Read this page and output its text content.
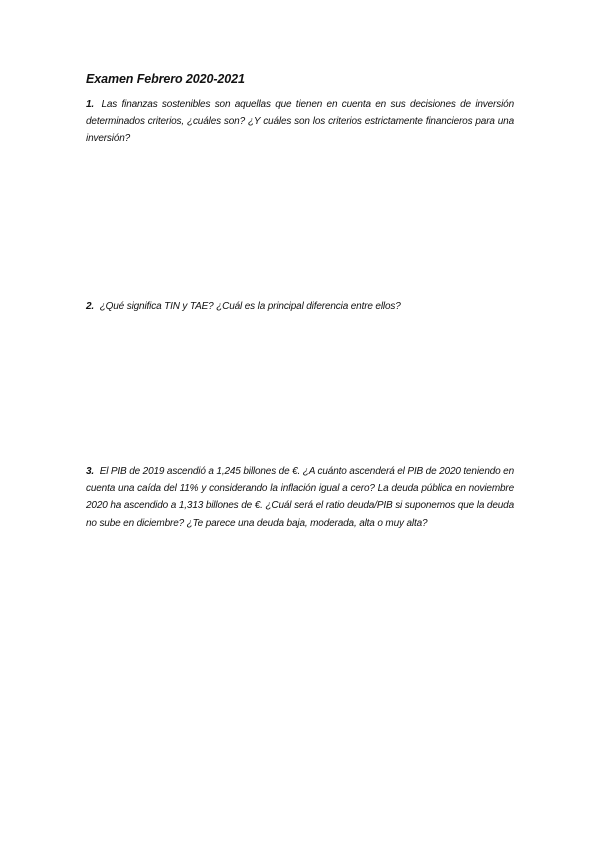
Examen Febrero 2020-2021
1. Las finanzas sostenibles son aquellas que tienen en cuenta en sus decisiones de inversión determinados criterios, ¿cuáles son? ¿Y cuáles son los criterios estrictamente financieros para una inversión?
2. ¿Qué significa TIN y TAE? ¿Cuál es la principal diferencia entre ellos?
3. El PIB de 2019 ascendió a 1,245 billones de €. ¿A cuánto ascenderá el PIB de 2020 teniendo en cuenta una caída del 11% y considerando la inflación igual a cero? La deuda pública en noviembre 2020 ha ascendido a 1,313 billones de €. ¿Cuál será el ratio deuda/PIB si suponemos que la deuda no sube en diciembre? ¿Te parece una deuda baja, moderada, alta o muy alta?
